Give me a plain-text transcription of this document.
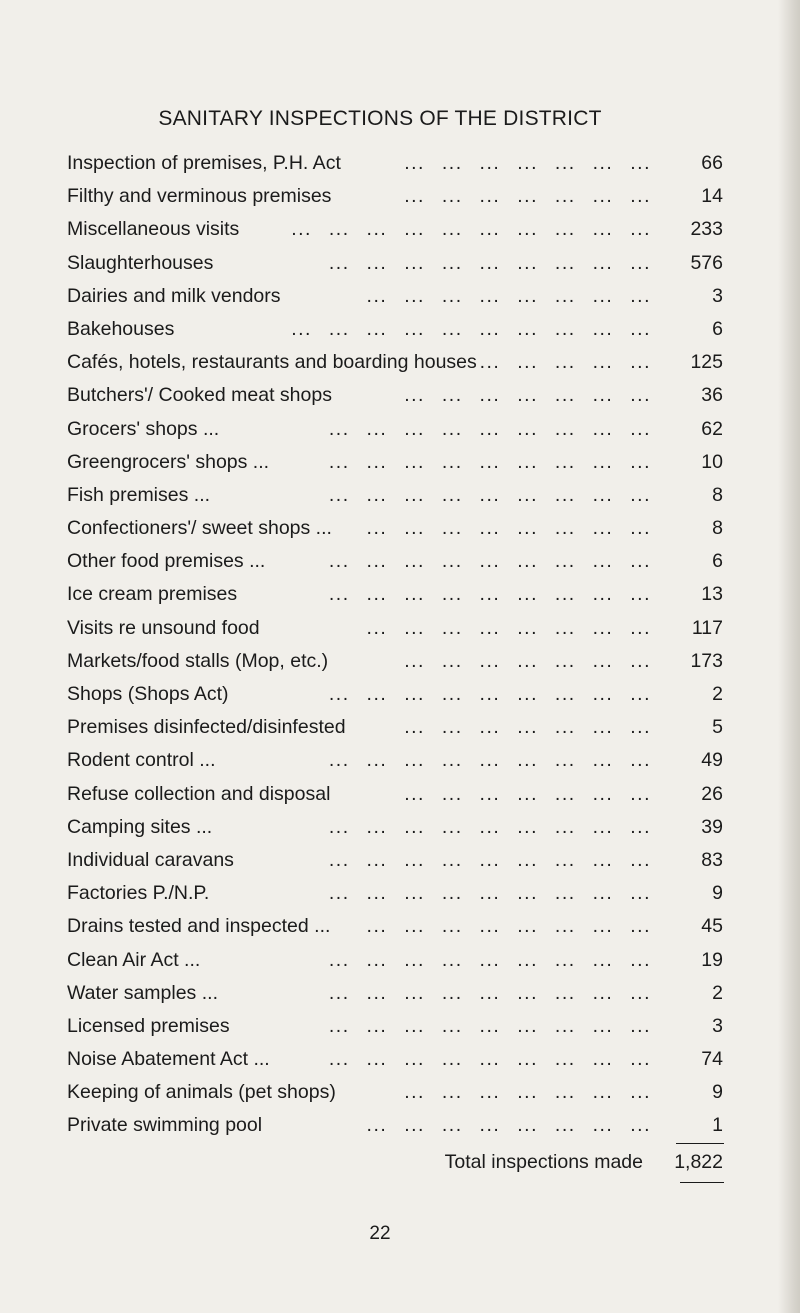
SANITARY INSPECTIONS OF THE DISTRICT
Inspection of premises, P.H. Act	... ... ... ... ... ... ...	66
Filthy and verminous premises	... ... ... ... ... ... ...	14
Miscellaneous visits	... ... ... ... ... ... ... ... ... ...	233
Slaughterhouses	... ... ... ... ... ... ... ... ...	576
Dairies and milk vendors	... ... ... ... ... ... ... ...	3
Bakehouses	... ... ... ... ... ... ... ... ... ...	6
Cafés, hotels, restaurants and boarding houses ... ... ... ... ...	125
Butchers'/ Cooked meat shops	... ... ... ... ... ... ...	36
Grocers' shops ...	... ... ... ... ... ... ... ... ...	62
Greengrocers' shops ...	... ... ... ... ... ... ... ... ...	10
Fish premises ...	... ... ... ... ... ... ... ... ...	8
Confectioners'/ sweet shops ... ... ... ... ... ... ... ... ...	8
Other food premises ...	... ... ... ... ... ... ... ... ...	6
Ice cream premises	... ... ... ... ... ... ... ... ...	13
Visits re unsound food	... ... ... ... ... ... ... ...	117
Markets/food stalls (Mop, etc.)	... ... ... ... ... ... ...	173
Shops (Shops Act)	... ... ... ... ... ... ... ... ...	2
Premises disinfected/disinfested	... ... ... ... ... ... ...	5
Rodent control ...	... ... ... ... ... ... ... ... ...	49
Refuse collection and disposal	... ... ... ... ... ... ...	26
Camping sites ...	... ... ... ... ... ... ... ... ...	39
Individual caravans	... ... ... ... ... ... ... ... ...	83
Factories P./N.P.	... ... ... ... ... ... ... ... ...	9
Drains tested and inspected ... ... ... ... ... ... ... ... ...	45
Clean Air Act ...	... ... ... ... ... ... ... ... ...	19
Water samples ...	... ... ... ... ... ... ... ... ...	2
Licensed premises	... ... ... ... ... ... ... ... ...	3
Noise Abatement Act ...	... ... ... ... ... ... ... ... ...	74
Keeping of animals (pet shops)	... ... ... ... ... ... ...	9
Private swimming pool	... ... ... ... ... ... ... ...	1
Total inspections made 1,822
22
